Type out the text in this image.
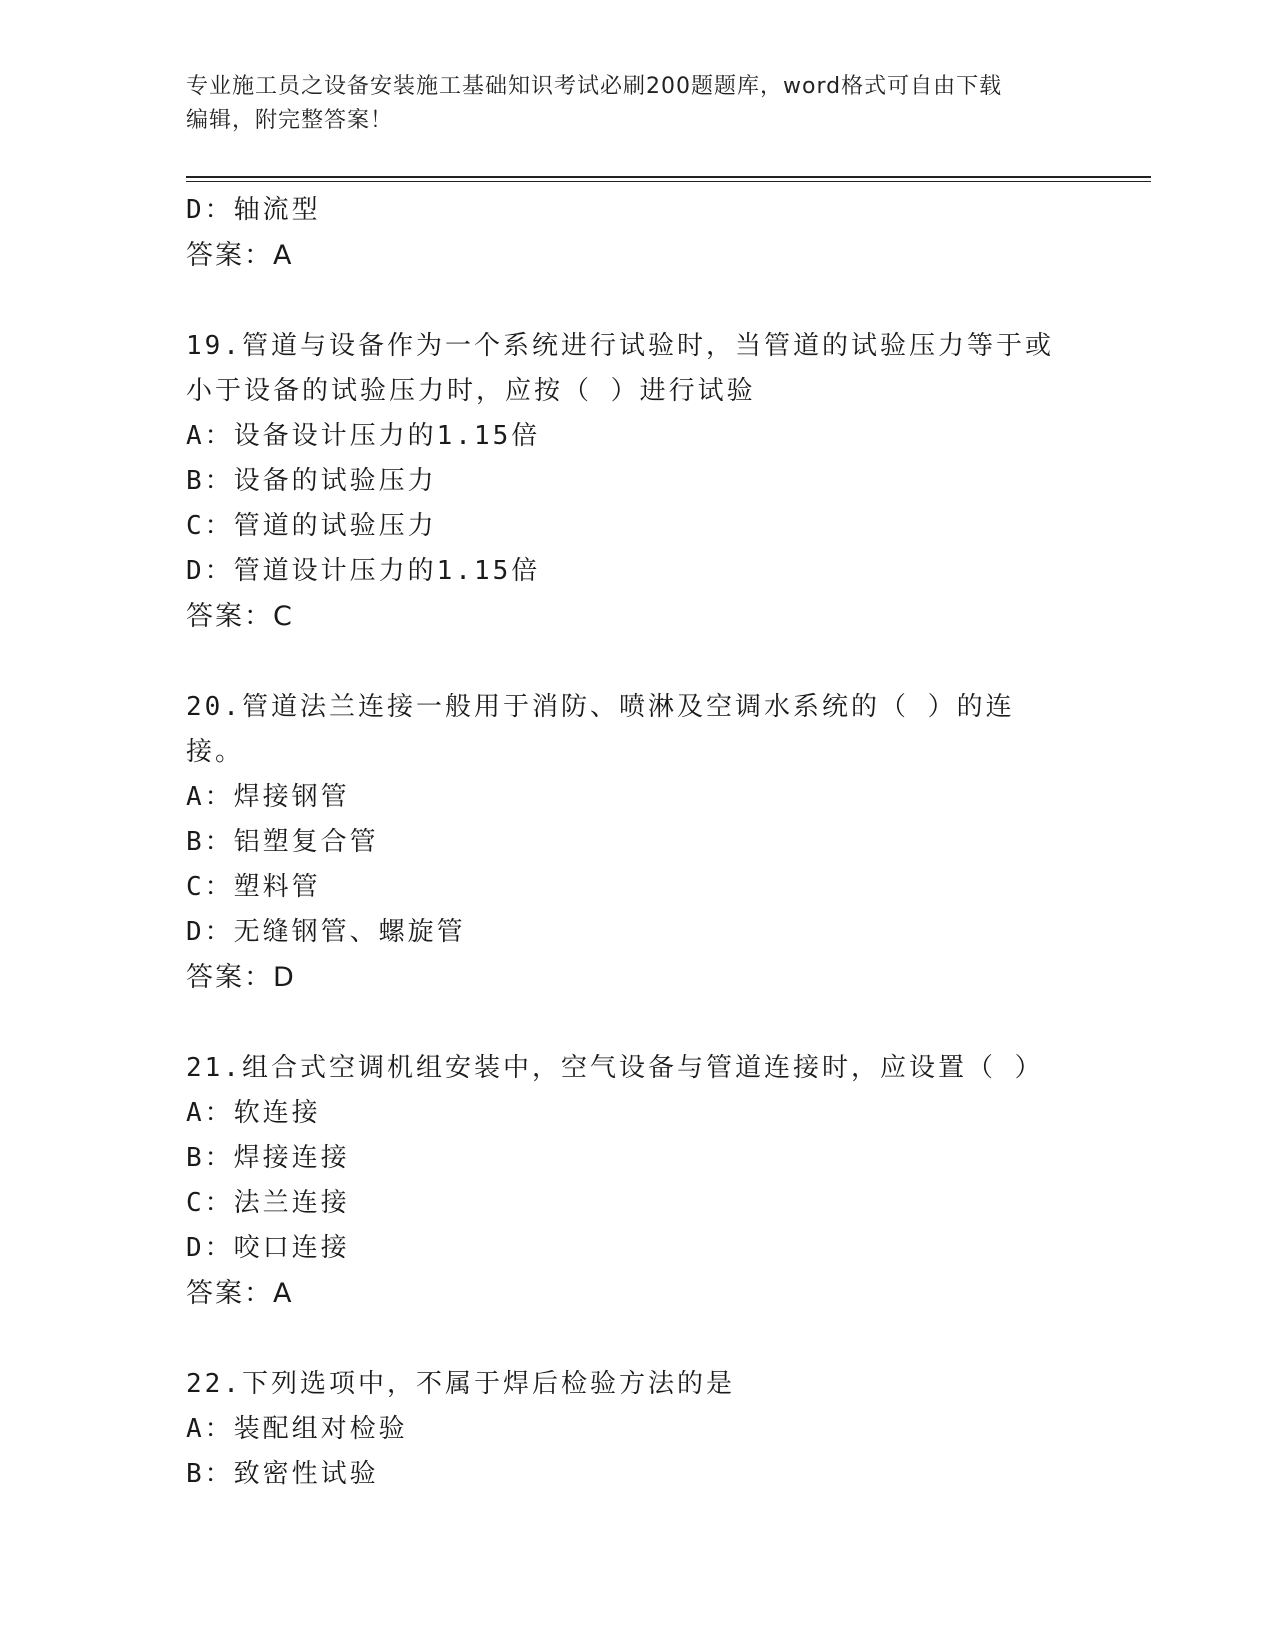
专业施工员之设备安装施工基础知识考试必刷200题题库，word格式可自由下载
编辑，附完整答案！
D：轴流型
答案：A
19.管道与设备作为一个系统进行试验时，当管道的试验压力等于或小于设备的试验压力时，应按（ ）进行试验
A：设备设计压力的1.15倍
B：设备的试验压力
C：管道的试验压力
D：管道设计压力的1.15倍
答案：C
20.管道法兰连接一般用于消防、喷淋及空调水系统的（ ）的连接。
A：焊接钢管
B：铝塑复合管
C：塑料管
D：无缝钢管、螺旋管
答案：D
21.组合式空调机组安装中，空气设备与管道连接时，应设置（ ）
A：软连接
B：焊接连接
C：法兰连接
D：咬口连接
答案：A
22.下列选项中，不属于焊后检验方法的是
A：装配组对检验
B：致密性试验
